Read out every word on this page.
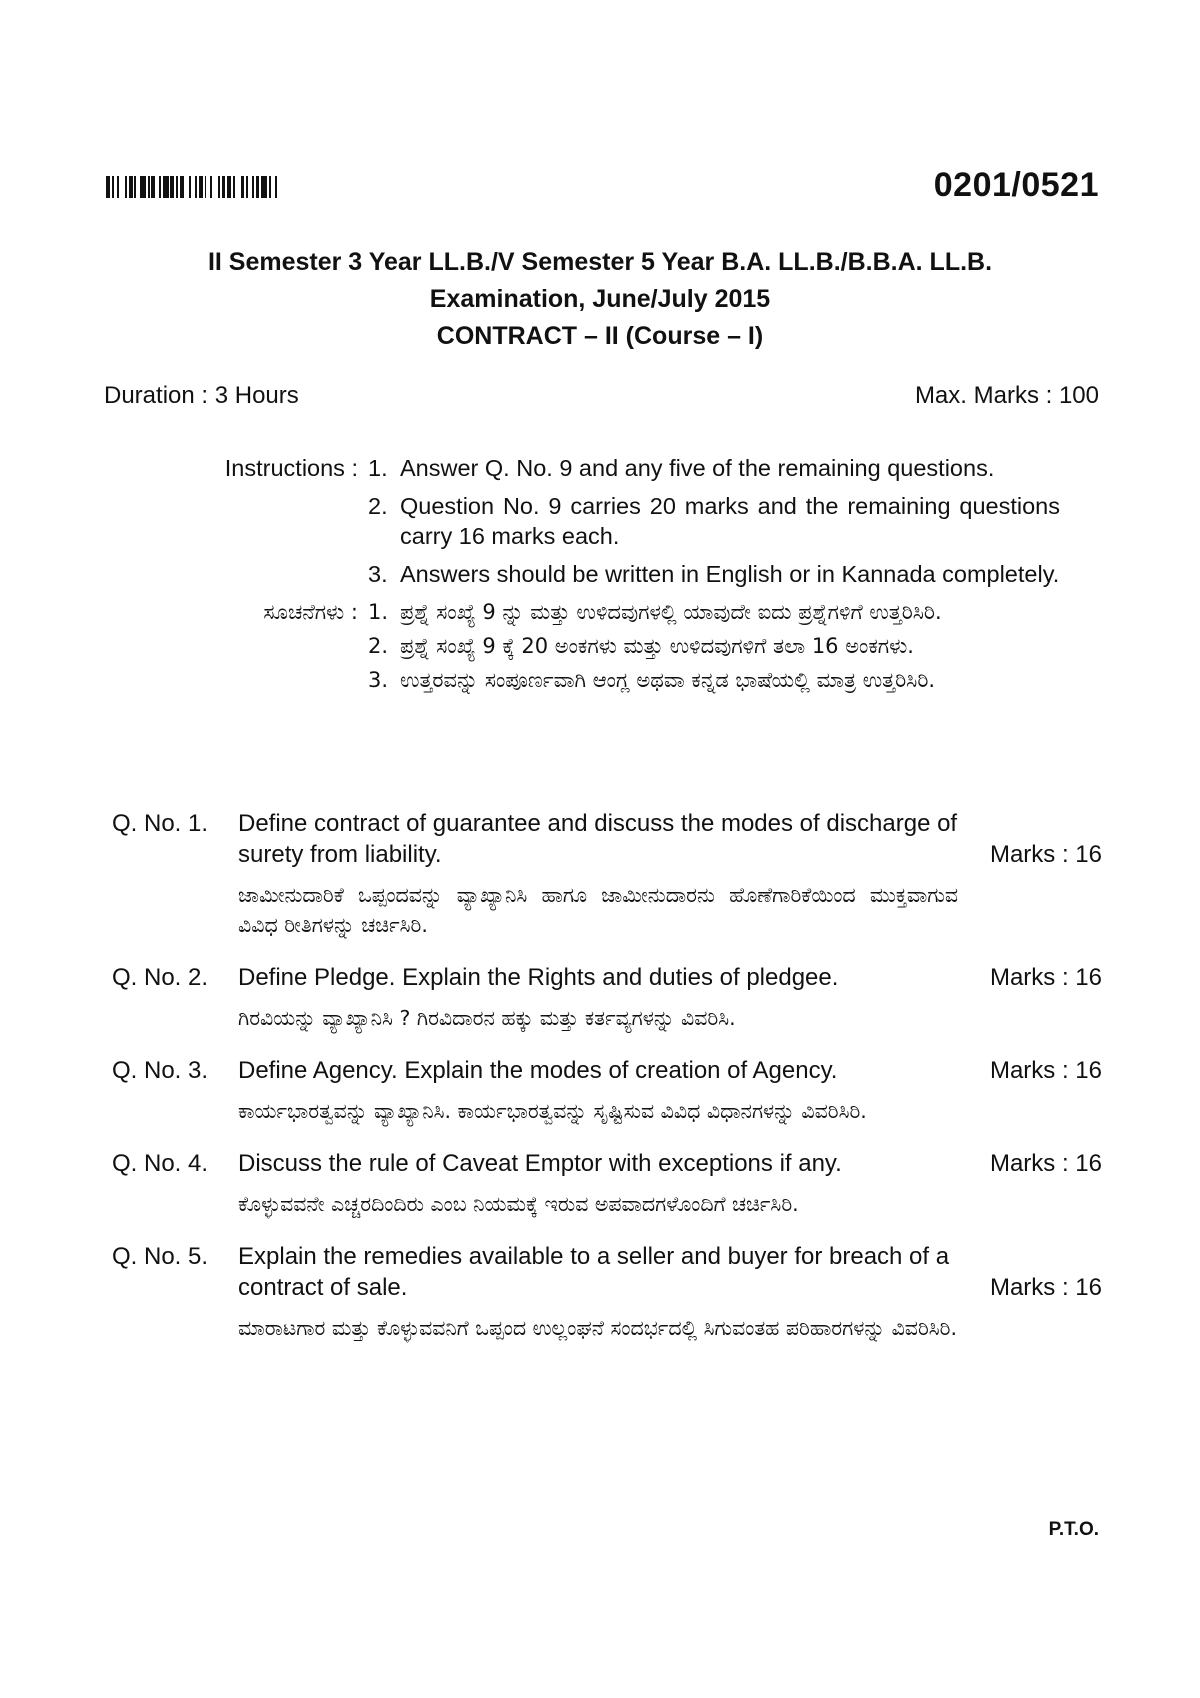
0201/0521
II Semester 3 Year LL.B./V Semester 5 Year B.A. LL.B./B.B.A. LL.B.
Examination, June/July 2015
CONTRACT – II (Course – I)
Duration : 3 Hours	Max. Marks : 100
Instructions : 1. Answer Q. No. 9 and any five of the remaining questions.
2. Question No. 9 carries 20 marks and the remaining questions carry 16 marks each.
3. Answers should be written in English or in Kannada completely.
ಸೂಚನೆಗಳು : 1. ಪ್ರಶ್ನೆ ಸಂಖ್ಯೆ 9 ನ್ನು ಮತ್ತು ಉಳಿದವುಗಳಲ್ಲಿ ಯಾವುದೇ ಐದು ಪ್ರಶ್ನೆಗಳಿಗೆ ಉತ್ತರಿಸಿರಿ.
2. ಪ್ರಶ್ನೆ ಸಂಖ್ಯೆ 9 ಕ್ಕೆ 20 ಅಂಕಗಳು ಮತ್ತು ಉಳಿದವುಗಳಿಗೆ ತಲಾ 16 ಅಂಕಗಳು.
3. ಉತ್ತರವನ್ನು ಸಂಪೂರ್ಣವಾಗಿ ಆಂಗ್ಲ ಅಥವಾ ಕನ್ನಡ ಭಾಷೆಯಲ್ಲಿ ಮಾತ್ರ ಉತ್ತರಿಸಿರಿ.
Q. No. 1.	Define contract of guarantee and discuss the modes of discharge of surety from liability.	Marks : 16
ಜಾಮೀನುದಾರಿಕೆ ಒಪ್ಪಂದವನ್ನು ವ್ಯಾಖ್ಯಾನಿಸಿ ಹಾಗೂ ಜಾಮೀನುದಾರನು ಹೊಣೆಗಾರಿಕೆಯಿಂದ ಮುಕ್ತವಾಗುವ ವಿವಿಧ ರೀತಿಗಳನ್ನು ಚರ್ಚಿಸಿರಿ.
Q. No. 2.	Define Pledge. Explain the Rights and duties of pledgee.	Marks : 16
ಗಿರವಿಯನ್ನು ವ್ಯಾಖ್ಯಾನಿಸಿ ? ಗಿರವಿದಾರನ ಹಕ್ಕು ಮತ್ತು ಕರ್ತವ್ಯಗಳನ್ನು ವಿವರಿಸಿ.
Q. No. 3.	Define Agency. Explain the modes of creation of Agency.	Marks : 16
ಕಾರ್ಯಭಾರತ್ವವನ್ನು ವ್ಯಾಖ್ಯಾನಿಸಿ. ಕಾರ್ಯಭಾರತ್ವವನ್ನು ಸೃಷ್ಟಿಸುವ ವಿವಿಧ ವಿಧಾನಗಳನ್ನು ವಿವರಿಸಿರಿ.
Q. No. 4.	Discuss the rule of Caveat Emptor with exceptions if any.	Marks : 16
ಕೊಳ್ಳುವವನೇ ಎಚ್ಚರದಿಂದಿರು ಎಂಬ ನಿಯಮಕ್ಕೆ ಇರುವ ಅಪವಾದಗಳೊಂದಿಗೆ ಚರ್ಚಿಸಿರಿ.
Q. No. 5.	Explain the remedies available to a seller and buyer for breach of a contract of sale.	Marks : 16
ಮಾರಾಟಗಾರ ಮತ್ತು ಕೊಳ್ಳುವವನಿಗೆ ಒಪ್ಪಂದ ಉಲ್ಲಂಘನೆ ಸಂದರ್ಭದಲ್ಲಿ ಸಿಗುವಂತಹ ಪರಿಹಾರಗಳನ್ನು ವಿವರಿಸಿರಿ.
P.T.O.
